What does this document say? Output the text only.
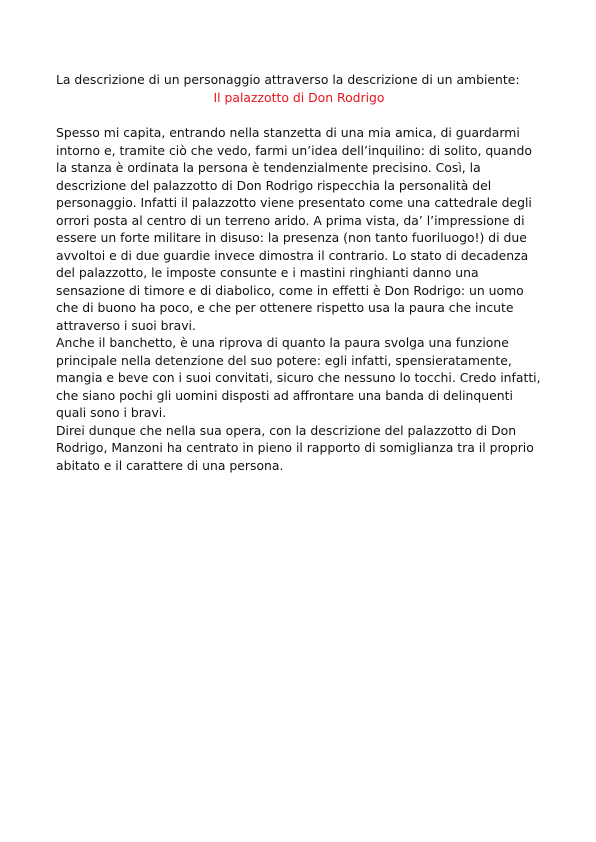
La descrizione di un personaggio attraverso la descrizione di un ambiente:
Il palazzotto di Don Rodrigo
Spesso mi capita, entrando nella stanzetta di una mia amica, di guardarmi
intorno e, tramite ciò che vedo, farmi un’idea dell’inquilino: di solito, quando
la stanza è ordinata la persona è tendenzialmente precisino. Così, la
descrizione del palazzotto di Don Rodrigo rispecchia la personalità del
personaggio. Infatti il palazzotto viene presentato come una cattedrale degli
orrori posta al centro di un terreno arido. A prima vista, da’ l’impressione di
essere un forte militare in disuso: la presenza (non tanto fuoriluogo!) di due
avvoltoi e di due guardie invece dimostra il contrario. Lo stato di decadenza
del palazzotto, le imposte consunte e i mastini ringhianti danno una
sensazione di timore e di diabolico, come in effetti è Don Rodrigo: un uomo
che di buono ha poco, e che per ottenere rispetto usa la paura che incute
attraverso i suoi bravi.
Anche il banchetto, è una riprova di quanto la paura svolga una funzione
principale nella detenzione del suo potere: egli infatti, spensieratamente,
mangia e beve con i suoi convitati, sicuro che nessuno lo tocchi. Credo infatti,
che siano pochi gli uomini disposti ad affrontare una banda di delinquenti
quali sono i bravi.
Direi dunque che nella sua opera, con la descrizione del palazzotto di Don
Rodrigo, Manzoni ha centrato in pieno il rapporto di somiglianza tra il proprio
abitato e il carattere di una persona.
